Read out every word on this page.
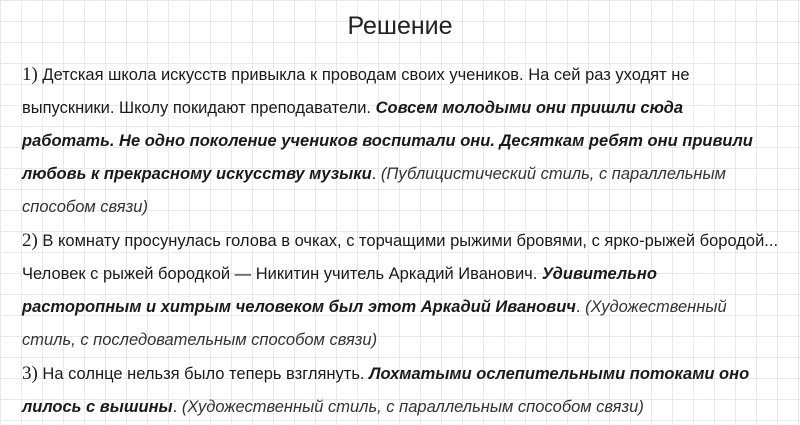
Решение

1) Детская школа искусств привыкла к проводам своих учеников. На сей раз уходят не выпускники. Школу покидают преподаватели. Совсем молодыми они пришли сюда работать. Не одно поколение учеников воспитали они. Десяткам ребят они привили любовь к прекрасному искусству музыки. (Публицистический стиль, с параллельным способом связи)

2) В комнату просунулась голова в очках, с торчащими рыжими бровями, с ярко-рыжей бородой... Человек с рыжей бородкой — Никитин учитель Аркадий Иванович. Удивительно расторопным и хитрым человеком был этот Аркадий Иванович. (Художественный стиль, с последовательным способом связи)

3) На солнце нельзя было теперь взглянуть. Лохматыми ослепительными потоками оно лилось с вышины. (Художественный стиль, с параллельным способом связи)
